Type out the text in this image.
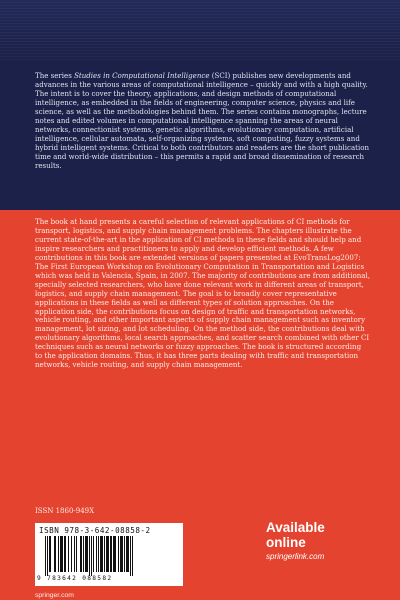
The series Studies in Computational Intelligence (SCI) publishes new developments and advances in the various areas of computational intelligence – quickly and with a high quality. The intent is to cover the theory, applications, and design methods of computational intelligence, as embedded in the fields of engineering, computer science, physics and life science, as well as the methodologies behind them. The series contains monographs, lecture notes and edited volumes in computational intelligence spanning the areas of neural networks, connectionist systems, genetic algorithms, evolutionary computation, artificial intelligence, cellular automata, self-organizing systems, soft computing, fuzzy systems and hybrid intelligent systems. Critical to both contributors and readers are the short publication time and world-wide distribution – this permits a rapid and broad dissemination of research results.

The book at hand presents a careful selection of relevant applications of CI methods for transport, logistics, and supply chain management problems. The chapters illustrate the current state-of-the-art in the application of CI methods in these fields and should help and inspire researchers and practitioners to apply and develop efficient methods. A few contributions in this book are extended versions of papers presented at EvoTransLog2007: The First European Workshop on Evolutionary Computation in Transportation and Logistics which was held in Valencia, Spain, in 2007. The majority of contributions are from additional, specially selected researchers, who have done relevant work in different areas of transport, logistics, and supply chain management. The goal is to broadly cover representative applications in these fields as well as different types of solution approaches. On the application side, the contributions focus on design of traffic and transportation networks, vehicle routing, and other important aspects of supply chain management such as inventory management, lot sizing, and lot scheduling. On the method side, the contributions deal with evolutionary algorithms, local search approaches, and scatter search combined with other CI techniques such as neural networks or fuzzy approaches. The book is structured according to the application domains. Thus, it has three parts dealing with traffic and transportation networks, vehicle routing, and supply chain management.

ISSN 1860-949X
ISBN 978-3-642-08858-2
9 783642 088582
Available
online
springerlink.com
springer.com
